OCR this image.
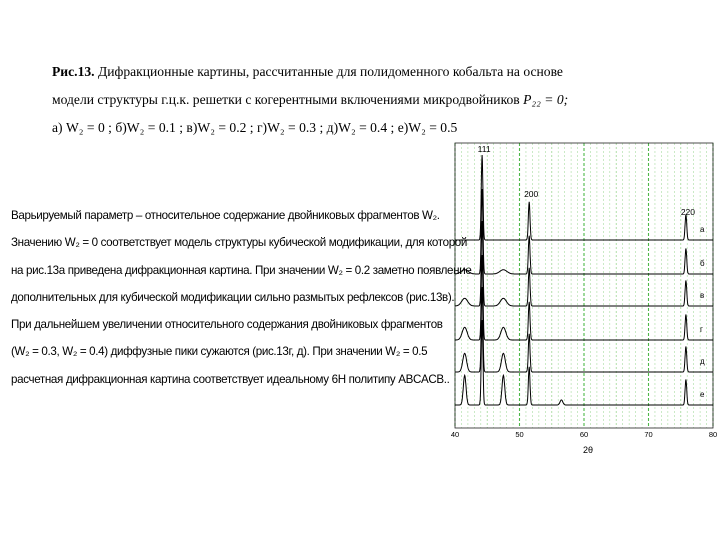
Рис.13. Дифракционные картины, рассчитанные для полидоменного кобальта на основе

модели структуры г.ц.к. решетки с когерентными включениями микродвойников P₂₂ = 0;

а) W₂ = 0 ; б)W₂ = 0.1 ; в)W₂ = 0.2 ; г)W₂ = 0.3 ; д)W₂ = 0.4 ; е)W₂ = 0.5

Варьируемый параметр – относительное содержание двойниковых фрагментов W₂.

Значению W₂ = 0 соответствует модель структуры кубической модификации, для которой

на рис.13а приведена дифракционная картина. При значении W₂ = 0.2 заметно появление

дополнительных для кубической модификации сильно размытых рефлексов (рис.13в).

При дальнейшем увеличении относительного содержания двойниковых фрагментов

(W₂ = 0.3, W₂ = 0.4) диффузные пики сужаются (рис.13г, д). При значении W₂ = 0.5

расчетная дифракционная картина соответствует идеальному 6H политипу ABCACB..

а
б
в
г
д
е
40	50	60	70	80
111
200
220
2θ
